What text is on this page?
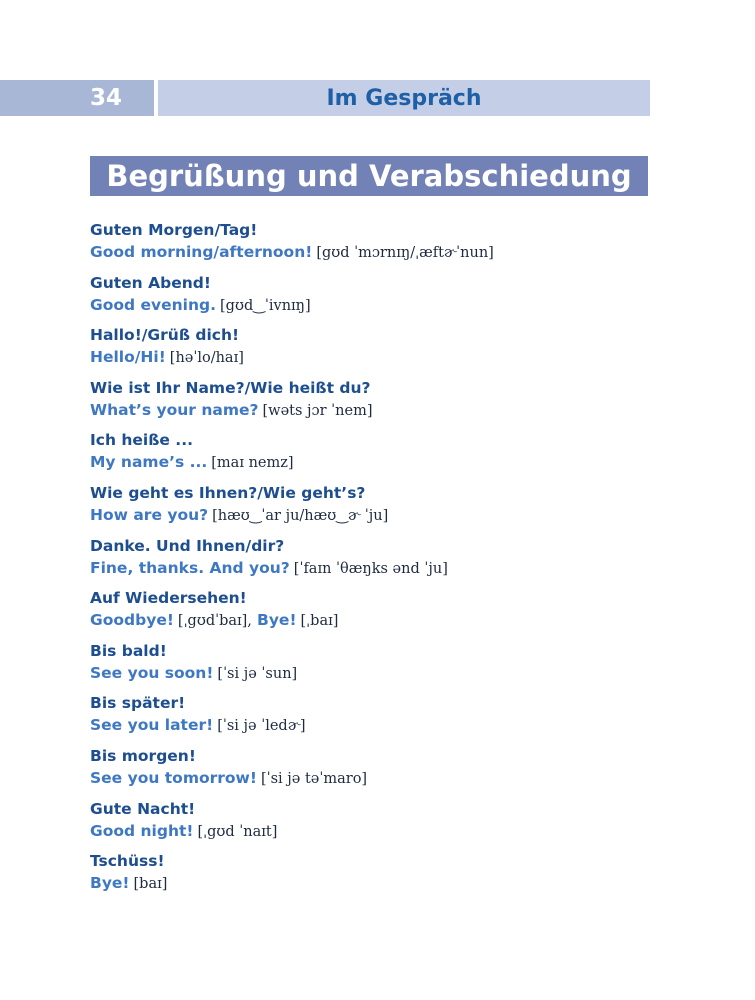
34	Im Gespräch
Begrüßung und Verabschiedung
Guten Morgen/Tag!
Good morning/afternoon! [gʊd ˈmɔrnɪŋ/ˌæftɚˈnun]
Guten Abend!
Good evening. [gʊd‿ˈivnɪŋ]
Hallo!/Grüß dich!
Hello/Hi! [həˈlo/haɪ]
Wie ist Ihr Name?/Wie heißt du?
What’s your name? [wəts jɔr ˈnem]
Ich heiße ...
My name’s ... [maɪ nemz]
Wie geht es Ihnen?/Wie geht’s?
How are you? [hæʊ‿ˈar ju/hæʊ‿ɚ ˈju]
Danke. Und Ihnen/dir?
Fine, thanks. And you? [ˈfaɪn ˈθæŋks ənd ˈju]
Auf Wiedersehen!
Goodbye! [ˌgʊdˈbaɪ], Bye! [ˌbaɪ]
Bis bald!
See you soon! [ˈsi jə ˈsun]
Bis später!
See you later! [ˈsi jə ˈledɚ]
Bis morgen!
See you tomorrow! [ˈsi jə təˈmaro]
Gute Nacht!
Good night! [ˌgʊd ˈnaɪt]
Tschüss!
Bye! [baɪ]
